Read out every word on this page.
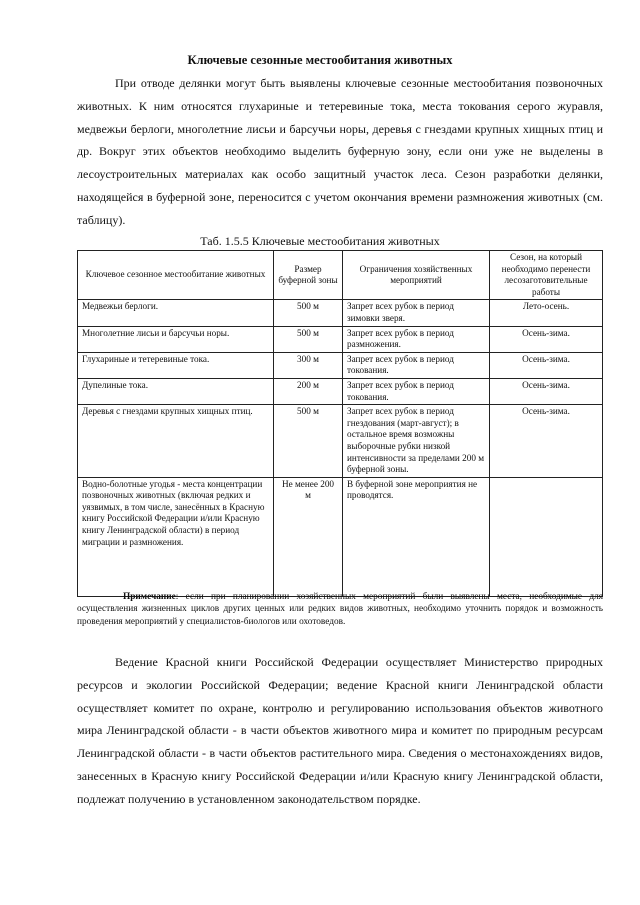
Ключевые сезонные местообитания животных

При отводе делянки могут быть выявлены ключевые сезонные местообитания позвоночных животных. К ним относятся глухариные и тетеревиные тока, места токования серого журавля, медвежьи берлоги, многолетние лисьи и барсучьи норы, деревья с гнездами крупных хищных птиц и др. Вокруг этих объектов необходимо выделить буферную зону, если они уже не выделены в лесоустроительных материалах как особо защитный участок леса. Сезон разработки делянки, находящейся в буферной зоне, переносится с учетом окончания времени размножения животных (см. таблицу).

Таб. 1.5.5 Ключевые местообитания животных
Ключевое сезонное местообитание животных	Размер буферной зоны	Ограничения хозяйственных мероприятий	Сезон, на который необходимо перенести лесозаготовительные работы
Медвежьи берлоги.	500 м	Запрет всех рубок в период зимовки зверя.	Лето-осень.
Многолетние лисьи и барсучьи норы.	500 м	Запрет всех рубок в период размножения.	Осень-зима.
Глухариные и тетеревиные тока.	300 м	Запрет всех рубок в период токования.	Осень-зима.
Дупелиные тока.	200 м	Запрет всех рубок в период токования.	Осень-зима.
Деревья с гнездами крупных хищных птиц.	500 м	Запрет всех рубок в период гнездования (март-август); в остальное время возможны выборочные рубки низкой интенсивности за пределами 200 м буферной зоны.	Осень-зима.
Водно-болотные угодья - места концентрации позвоночных животных (включая редких и уязвимых, в том числе, занесённых в Красную книгу Российской Федерации и/или Красную книгу Ленинградской области) в период миграции и размножения.	Не менее 200 м	В буферной зоне мероприятия не проводятся.	

Примечание: если при планировании хозяйственных мероприятий были выявлены места, необходимые для осуществления жизненных циклов других ценных или редких видов животных, необходимо уточнить порядок и возможность проведения мероприятий у специалистов-биологов или охотоведов.

Ведение Красной книги Российской Федерации осуществляет Министерство природных ресурсов и экологии Российской Федерации; ведение Красной книги Ленинградской области осуществляет комитет по охране, контролю и регулированию использования объектов животного мира Ленинградской области - в части объектов животного мира и комитет по природным ресурсам Ленинградской области - в части объектов растительного мира. Сведения о местонахождениях видов, занесенных в Красную книгу Российской Федерации и/или Красную книгу Ленинградской области, подлежат получению в установленном законодательством порядке.
